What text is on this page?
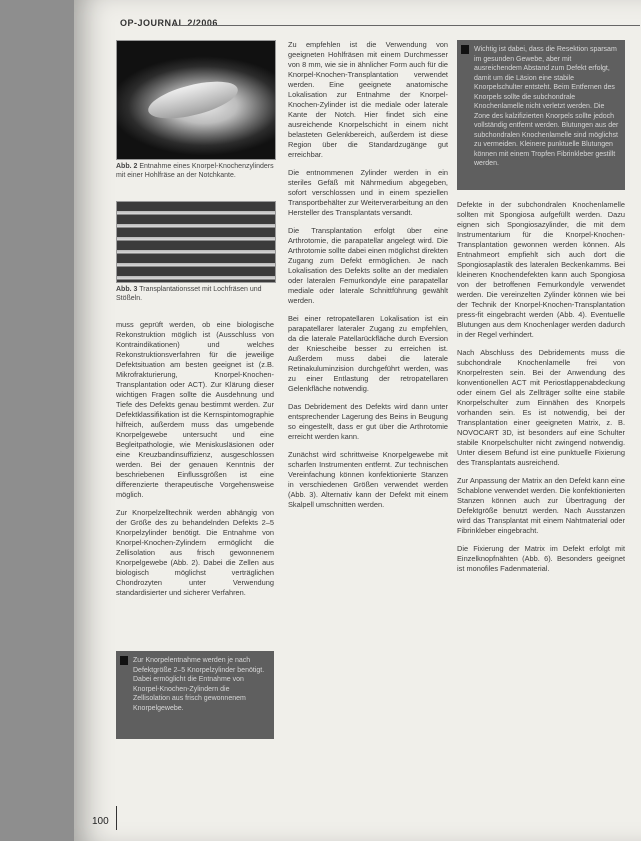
OP-JOURNAL 2/2006
Abb. 2 Entnahme eines Knorpel-Knochenzylinders mit einer Hohlfräse an der Notchkante.
Abb. 3 Transplantationsset mit Lochfräsen und Stößeln.

muss geprüft werden, ob eine biologische Rekonstruktion möglich ist (Ausschluss von Kontraindikationen) und welches Rekonstruktionsverfahren für die jeweilige Defektsituation am besten geeignet ist (z.B. Mikrofrakturierung, Knorpel-Knochen-Transplantation oder ACT). Zur Klärung dieser wichtigen Fragen sollte die Ausdehnung und Tiefe des Defekts genau bestimmt werden. Zur Defektklassifikation ist die Kernspintomographie hilfreich, außerdem muss das umgebende Knorpelgewebe untersucht und eine Begleitpathologie, wie Meniskusläsionen oder eine Kreuzbandinsuffizienz, ausgeschlossen werden. Bei der genauen Kenntnis der beschriebenen Einflussgrößen ist eine differenzierte therapeutische Vorgehensweise möglich.

Zur Knorpelzelltechnik werden abhängig von der Größe des zu behandelnden Defekts 2–5 Knorpelzylinder benötigt. Die Entnahme von Knorpel-Knochen-Zylindern ermöglicht die Zellisolation aus frisch gewonnenem Knorpelgewebe (Abb. 2). Dabei die Zellen aus biologisch möglichst verträglichen Chondrozyten unter Verwendung standardisierter und sicherer Verfahren.

Zu empfehlen ist die Verwendung von geeigneten Hohlfräsen mit einem Durchmesser von 8 mm, wie sie in ähnlicher Form auch für die Knorpel-Knochen-Transplantation verwendet werden. Eine geeignete anatomische Lokalisation zur Entnahme der Knorpel-Knochen-Zylinder ist die mediale oder laterale Kante der Notch. Hier findet sich eine ausreichende Knorpelschicht in einem nicht belasteten Gelenkbereich, außerdem ist diese Region über die Standardzugänge gut erreichbar.

Die entnommenen Zylinder werden in ein steriles Gefäß mit Nährmedium abgegeben, sofort verschlossen und in einem speziellen Transportbehälter zur Weiterverarbeitung an den Hersteller des Transplantats versandt.

Die Transplantation erfolgt über eine Arthrotomie, die parapatellar angelegt wird. Die Arthrotomie sollte dabei einen möglichst direkten Zugang zum Defekt ermöglichen. Je nach Lokalisation des Defekts sollte an der medialen oder lateralen Femurkondyle eine parapatellar mediale oder laterale Schnittführung gewählt werden.

Bei einer retropatellaren Lokalisation ist ein parapatellarer lateraler Zugang zu empfehlen, da die laterale Patellarückfläche durch Eversion der Kniescheibe besser zu erreichen ist. Außerdem muss dabei die laterale Retinakuluminzision durchgeführt werden, was zu einer Entlastung der retropatellaren Gelenkfläche notwendig.

Das Debridement des Defekts wird dann unter entsprechender Lagerung des Beins in Beugung so eingestellt, dass er gut über die Arthrotomie erreicht werden kann.

Zunächst wird schrittweise Knorpelgewebe mit scharfen Instrumenten entfernt. Zur technischen Vereinfachung können konfektionierte Stanzen in verschiedenen Größen verwendet werden (Abb. 3). Alternativ kann der Defekt mit einem Skalpell umschnitten werden.

Wichtig ist dabei, dass die Resektion sparsam im gesunden Gewebe, aber mit ausreichendem Abstand zum Defekt erfolgt, damit um die Läsion eine stabile Knorpelschulter entsteht. Beim Entfernen des Knorpels sollte die subchondrale Knochenlamelle nicht verletzt werden. Die Zone des kalzifizierten Knorpels sollte jedoch vollständig entfernt werden. Blutungen aus der subchondralen Knochenlamelle sind möglichst zu vermeiden. Kleinere punktuelle Blutungen können mit einem Tropfen Fibrinkleber gestillt werden.

Defekte in der subchondralen Knochenlamelle sollten mit Spongiosa aufgefüllt werden. Dazu eignen sich Spongiosazylinder, die mit dem Instrumentarium für die Knorpel-Knochen-Transplantation gewonnen werden können. Als Entnahmeort empfiehlt sich auch dort die Spongiosaplastik des lateralen Beckenkamms. Bei kleineren Knochendefekten kann auch Spongiosa von der betroffenen Femurkondyle verwendet werden. Die vereinzelten Zylinder können wie bei der Technik der Knorpel-Knochen-Transplantation press-fit eingebracht werden (Abb. 4). Eventuelle Blutungen aus dem Knochenlager werden dadurch in der Regel verhindert.

Nach Abschluss des Debridements muss die subchondrale Knochenlamelle frei von Knorpelresten sein. Bei der Anwendung des konventionellen ACT mit Periostlappenabdeckung oder einem Gel als Zellträger sollte eine stabile Knorpelschulter zum Einnähen des Knorpels vorhanden sein. Es ist notwendig, bei der Transplantation einer geeigneten Matrix, z. B. NOVOCART 3D, ist besonders auf eine Schulter stabile Knorpelschulter nicht zwingend notwendig. Unter diesem Befund ist eine punktuelle Fixierung des Transplantats ausreichend.

Zur Anpassung der Matrix an den Defekt kann eine Schablone verwendet werden. Die konfektionierten Stanzen können auch zur Übertragung der Defektgröße benutzt werden. Nach Ausstanzen wird das Transplantat mit einem Nahtmaterial oder Fibrinkleber eingebracht.

Die Fixierung der Matrix im Defekt erfolgt mit Einzelknopfnähten (Abb. 6). Besonders geeignet ist monofiles Fadenmaterial.

Zur Knorpelentnahme werden je nach Defektgröße 2–5 Knorpelzylinder benötigt. Dabei ermöglicht die Entnahme von Knorpel-Knochen-Zylindern die Zellisolation aus frisch gewonnenem Knorpelgewebe.
100
